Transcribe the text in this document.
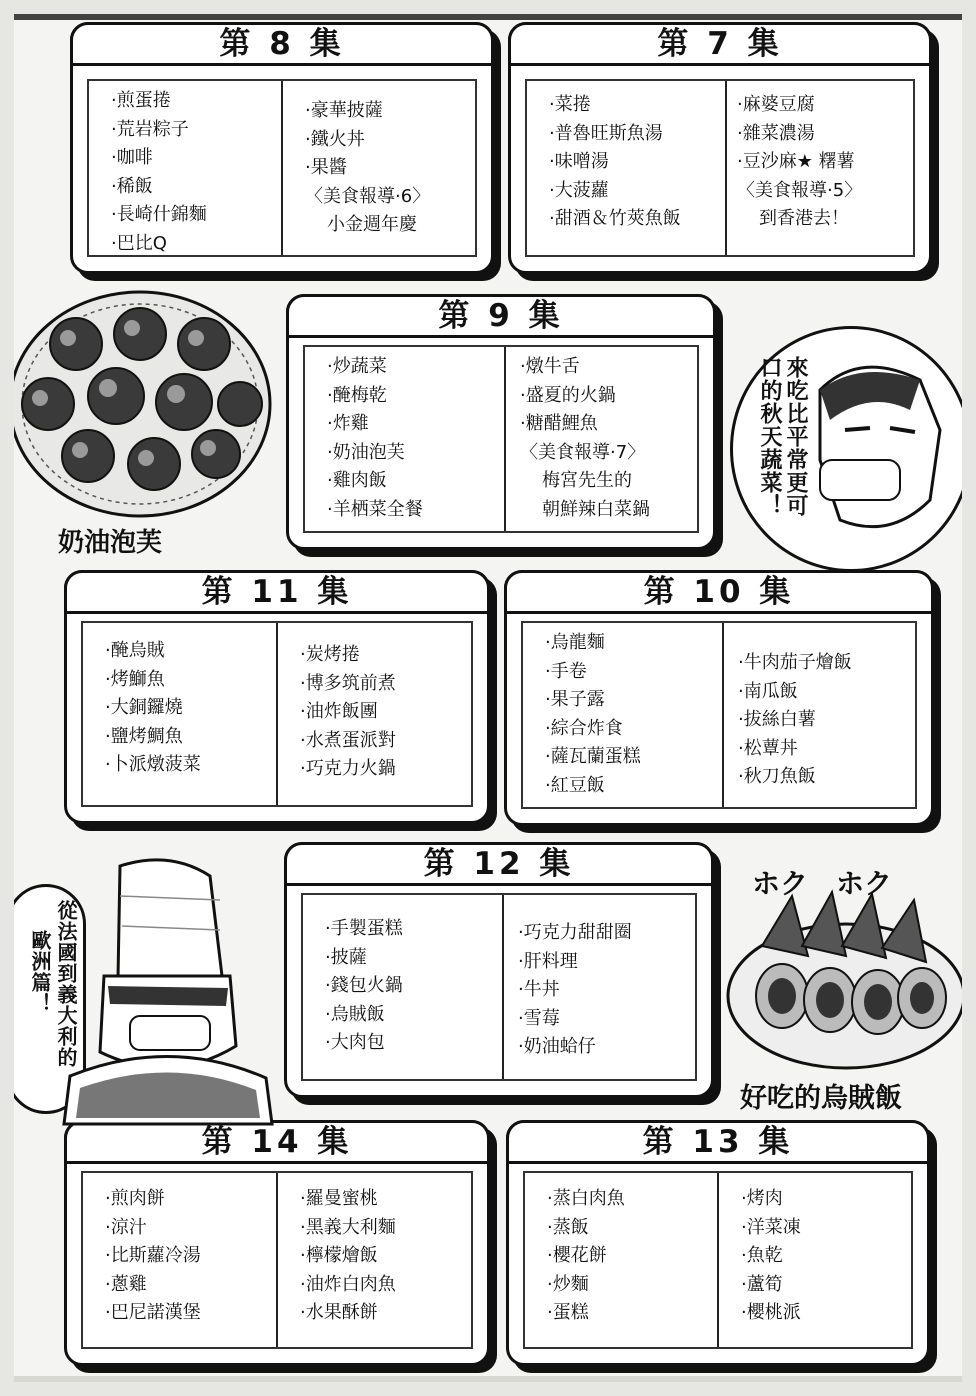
第 8 集
·煎蛋捲
·荒岩粽子
·咖啡
·稀飯
·長崎什錦麵
·巴比Q
·豪華披薩
·鐵火丼
·果醬
〈美食報導·6〉
小金週年慶
第 7 集
·菜捲
·普魯旺斯魚湯
·味噌湯
·大菠蘿
·甜酒＆竹莢魚飯
·麻婆豆腐
·雜菜濃湯
·豆沙麻★ 糬薯
〈美食報導·5〉
到香港去！
第 9 集
·炒蔬菜
·醃梅乾
·炸雞
·奶油泡芙
·雞肉飯
·羊栖菜全餐
·燉牛舌
·盛夏的火鍋
·糖醋鯉魚
〈美食報導·7〉
梅宮先生的
朝鮮辣白菜鍋
第 11 集
·醃烏賊
·烤鰤魚
·大銅鑼燒
·鹽烤鯛魚
·卜派燉菠菜
·炭烤捲
·博多筑前煮
·油炸飯團
·水煮蛋派對
·巧克力火鍋
第 10 集
·烏龍麵
·手卷
·果子露
·綜合炸食
·薩瓦蘭蛋糕
·紅豆飯
·牛肉茄子燴飯
·南瓜飯
·拔絲白薯
·松蕈丼
·秋刀魚飯
第 12 集
·手製蛋糕
·披薩
·錢包火鍋
·烏賊飯
·大肉包
·巧克力甜甜圈
·肝料理
·牛丼
·雪莓
·奶油蛤仔
第 14 集
·煎肉餅
·涼汁
·比斯蘿冷湯
·蔥雞
·巴尼諾漢堡
·羅曼蜜桃
·黑義大利麵
·檸檬燴飯
·油炸白肉魚
·水果酥餅
第 13 集
·蒸白肉魚
·蒸飯
·櫻花餅
·炒麵
·蛋糕
·烤肉
·洋菜凍
·魚乾
·蘆筍
·櫻桃派
奶油泡芙
來吃比平常更可
口的秋天蔬菜！
從法國到義大利的
歐洲篇！
ホク　ホク
好吃的烏賊飯
